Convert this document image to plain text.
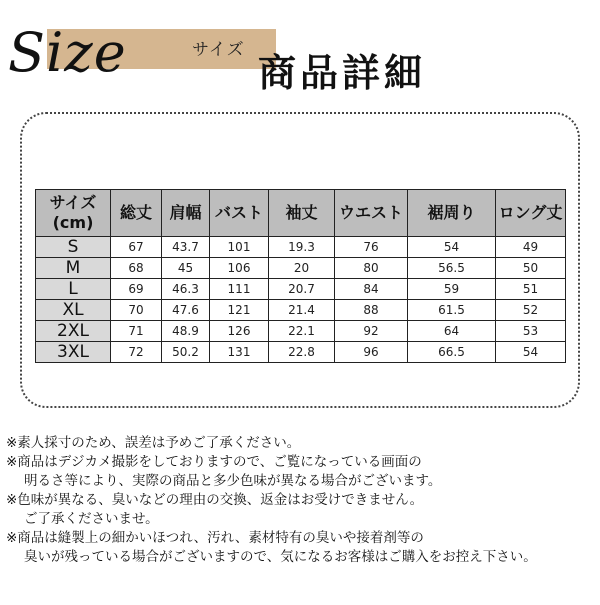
Size	サイズ
商品詳細
サイズ
(cm)	総丈	肩幅	バスト	袖丈	ウエスト	裾周り	ロング丈
S	67	43.7	101	19.3	76	54	49
M	68	45	106	20	80	56.5	50
L	69	46.3	111	20.7	84	59	51
XL	70	47.6	121	21.4	88	61.5	52
2XL	71	48.9	126	22.1	92	64	53
3XL	72	50.2	131	22.8	96	66.5	54
※素人採寸のため、誤差は予めご了承ください。
※商品はデジカメ撮影をしておりますので、ご覧になっている画面の
明るさ等により、実際の商品と多少色味が異なる場合がございます。
※色味が異なる、臭いなどの理由の交換、返金はお受けできません。
ご了承くださいませ。
※商品は縫製上の細かいほつれ、汚れ、素材特有の臭いや接着剤等の
臭いが残っている場合がございますので、気になるお客様はご購入をお控え下さい。
